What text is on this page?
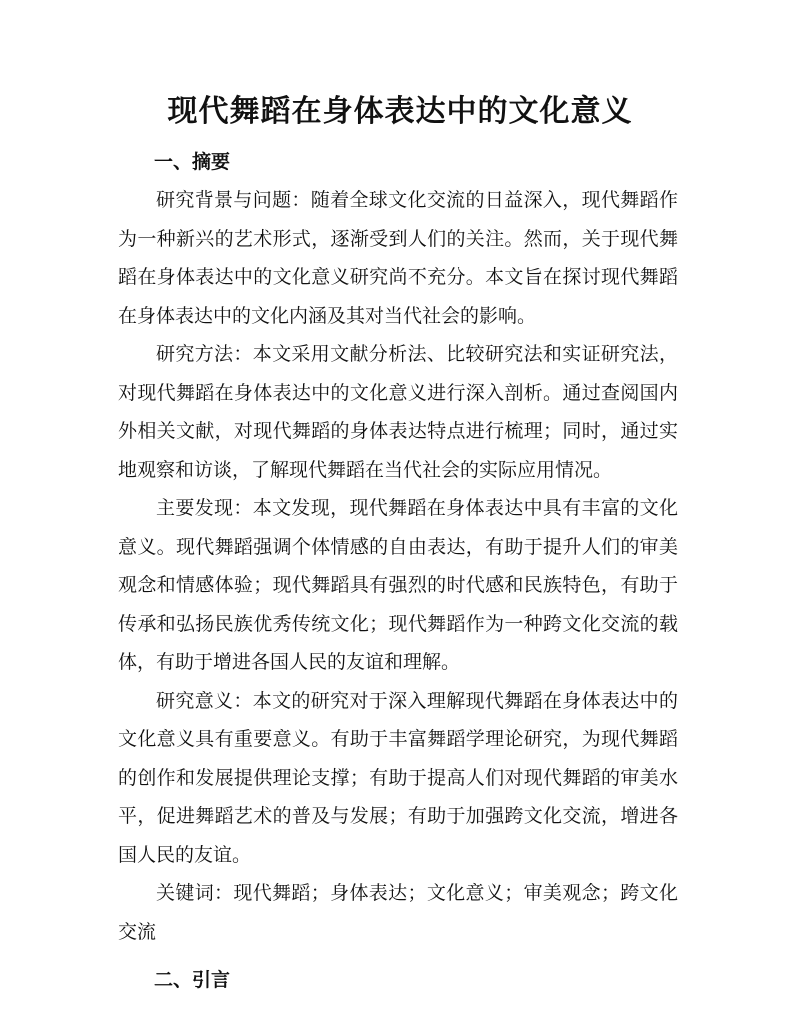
现代舞蹈在身体表达中的文化意义
一、摘要

研究背景与问题：随着全球文化交流的日益深入，现代舞蹈作为一种新兴的艺术形式，逐渐受到人们的关注。然而，关于现代舞蹈在身体表达中的文化意义研究尚不充分。本文旨在探讨现代舞蹈在身体表达中的文化内涵及其对当代社会的影响。

研究方法：本文采用文献分析法、比较研究法和实证研究法，对现代舞蹈在身体表达中的文化意义进行深入剖析。通过查阅国内外相关文献，对现代舞蹈的身体表达特点进行梳理；同时，通过实地观察和访谈，了解现代舞蹈在当代社会的实际应用情况。

主要发现：本文发现，现代舞蹈在身体表达中具有丰富的文化意义。现代舞蹈强调个体情感的自由表达，有助于提升人们的审美观念和情感体验；现代舞蹈具有强烈的时代感和民族特色，有助于传承和弘扬民族优秀传统文化；现代舞蹈作为一种跨文化交流的载体，有助于增进各国人民的友谊和理解。

研究意义：本文的研究对于深入理解现代舞蹈在身体表达中的文化意义具有重要意义。有助于丰富舞蹈学理论研究，为现代舞蹈的创作和发展提供理论支撑；有助于提高人们对现代舞蹈的审美水平，促进舞蹈艺术的普及与发展；有助于加强跨文化交流，增进各国人民的友谊。

关键词：现代舞蹈；身体表达；文化意义；审美观念；跨文化交流

二、引言
